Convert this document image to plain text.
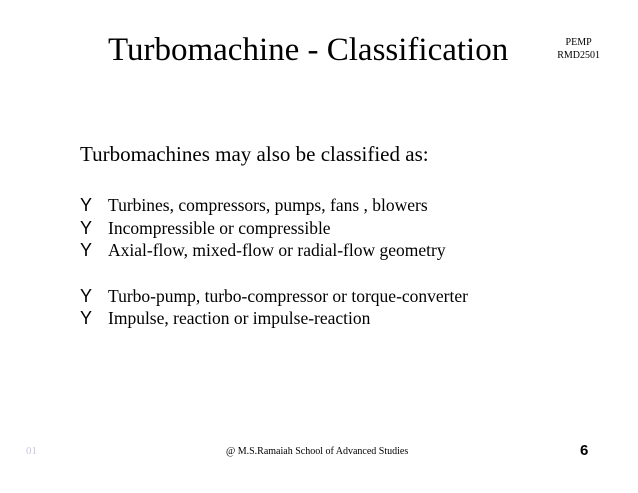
Turbomachine - Classification	PEMP
RMD2501
Turbomachines may also be classified as:
Y Turbines, compressors, pumps, fans , blowers
Y Incompressible or compressible
Y Axial-flow, mixed-flow or radial-flow geometry
Y Turbo-pump, turbo-compressor or torque-converter
Y Impulse, reaction or impulse-reaction
01	@ M.S.Ramaiah School of Advanced Studies	6
